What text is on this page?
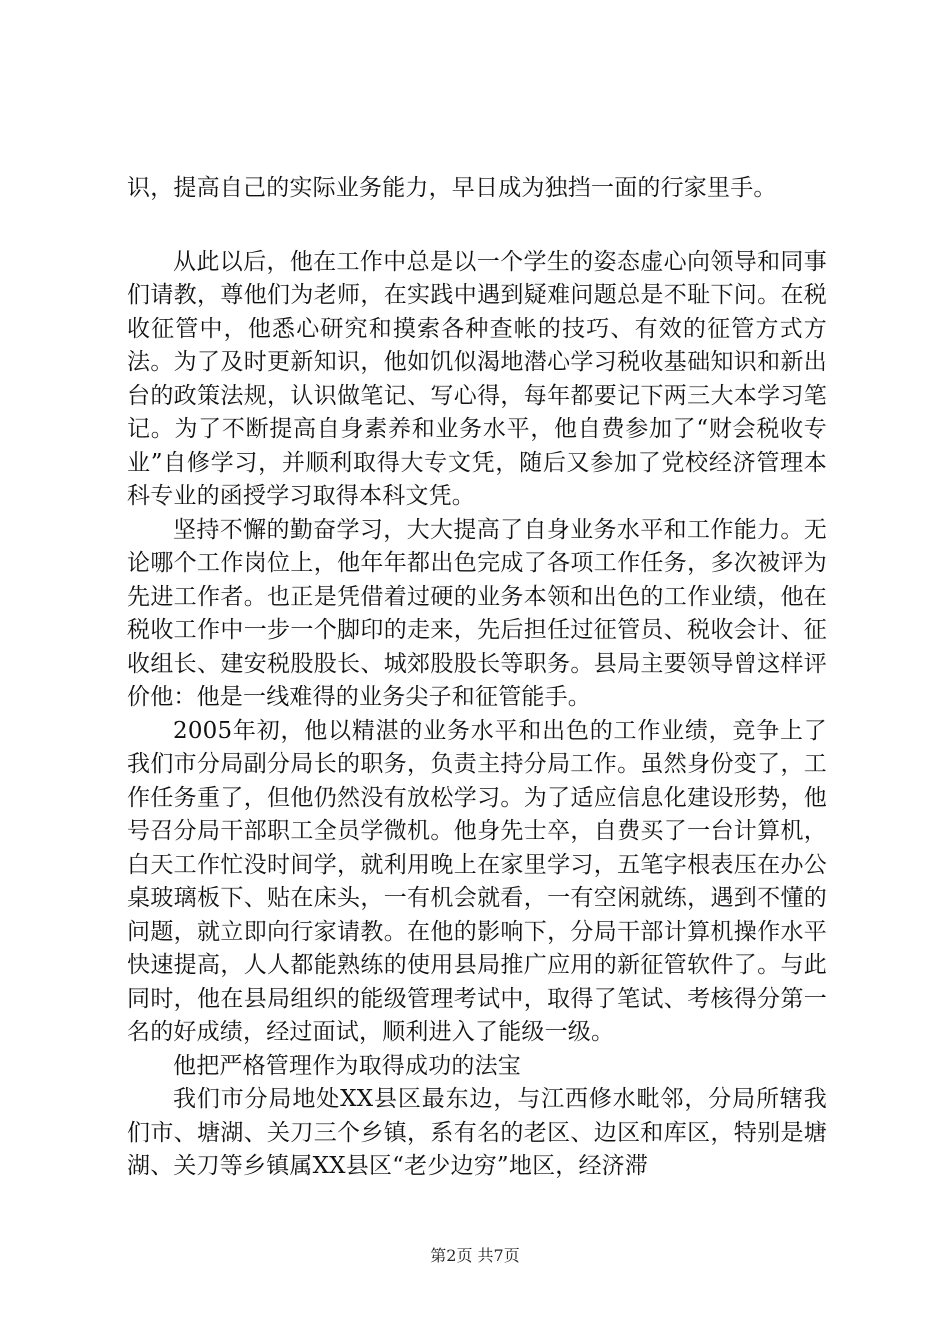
识，提高自己的实际业务能力，早日成为独挡一面的行家里手。

从此以后，他在工作中总是以一个学生的姿态虚心向领导和同事们请教，尊他们为老师，在实践中遇到疑难问题总是不耻下问。在税收征管中，他悉心研究和摸索各种查帐的技巧、有效的征管方式方法。为了及时更新知识，他如饥似渴地潜心学习税收基础知识和新出台的政策法规，认识做笔记、写心得，每年都要记下两三大本学习笔记。为了不断提高自身素养和业务水平，他自费参加了“财会税收专业”自修学习，并顺利取得大专文凭，随后又参加了党校经济管理本科专业的函授学习取得本科文凭。

坚持不懈的勤奋学习，大大提高了自身业务水平和工作能力。无论哪个工作岗位上，他年年都出色完成了各项工作任务，多次被评为先进工作者。也正是凭借着过硬的业务本领和出色的工作业绩，他在税收工作中一步一个脚印的走来，先后担任过征管员、税收会计、征收组长、建安税股股长、城郊股股长等职务。县局主要领导曾这样评价他：他是一线难得的业务尖子和征管能手。

2005年初，他以精湛的业务水平和出色的工作业绩，竞争上了我们市分局副分局长的职务，负责主持分局工作。虽然身份变了，工作任务重了，但他仍然没有放松学习。为了适应信息化建设形势，他号召分局干部职工全员学微机。他身先士卒，自费买了一台计算机，白天工作忙没时间学，就利用晚上在家里学习，五笔字根表压在办公桌玻璃板下、贴在床头，一有机会就看，一有空闲就练，遇到不懂的问题，就立即向行家请教。在他的影响下，分局干部计算机操作水平快速提高，人人都能熟练的使用县局推广应用的新征管软件了。与此同时，他在县局组织的能级管理考试中，取得了笔试、考核得分第一名的好成绩，经过面试，顺利进入了能级一级。

他把严格管理作为取得成功的法宝

我们市分局地处XX县区最东边，与江西修水毗邻，分局所辖我们市、塘湖、关刀三个乡镇，系有名的老区、边区和库区，特别是塘湖、关刀等乡镇属XX县区“老少边穷”地区，经济滞

第2页 共7页
